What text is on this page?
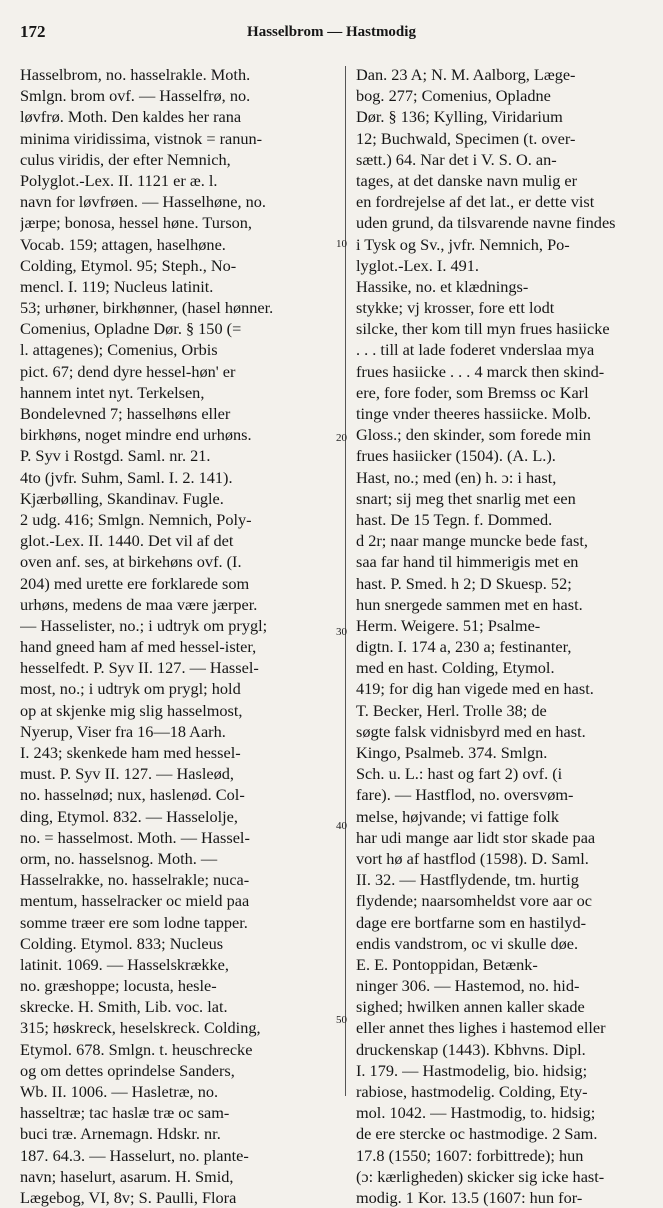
172	Hasselbrom — Hastmodig
Hasselbrom, no. hasselrakle. Moth.
Smlgn. brom ovf. — Hasselfrø, no.
løvfrø. Moth. Den kaldes her rana
minima viridissima, vistnok = ranun-
culus viridis, der efter Nemnich,
Polyglot.-Lex. II. 1121 er æ. l.
navn for løvfrøen. — Hasselhøne, no.
jærpe; bonosa, hessel høne. Turson,
Vocab. 159; attagen, haselhøne.
Colding, Etymol. 95; Steph., No-
mencl. I. 119; Nucleus latinit.
53; urhøner, birkhønner, (hasel hønner.
Comenius, Opladne Dør. § 150 (=
l. attagenes); Comenius, Orbis
pict. 67; dend dyre hessel-høn' er
hannem intet nyt. Terkelsen,
Bondelevned 7; hasselhøns eller
birkhøns, noget mindre end urhøns.
P. Syv i Rostgd. Saml. nr. 21.
4to (jvfr. Suhm, Saml. I. 2. 141).
Kjærbølling, Skandinav. Fugle.
2 udg. 416; Smlgn. Nemnich, Poly-
glot.-Lex. II. 1440. Det vil af det
oven anf. ses, at birkehøns ovf. (I.
204) med urette ere forklarede som
urhøns, medens de maa være jærper.
— Hasselister, no.; i udtryk om prygl;
hand gneed ham af med hessel-ister,
hesselfedt. P. Syv II. 127. — Hassel-
most, no.; i udtryk om prygl; hold
op at skjenke mig slig hasselmost,
Nyerup, Viser fra 16—18 Aarh.
I. 243; skenkede ham med hessel-
must. P. Syv II. 127. — Hasleød,
no. hasselnød; nux, haslenød. Col-
ding, Etymol. 832. — Hasselolje,
no. = hasselmost. Moth. — Hassel-
orm, no. hasselsnog. Moth. —
Hasselrakke, no. hasselrakle; nuca-
mentum, hasselracker oc mield paa
somme træer ere som lodne tapper.
Colding. Etymol. 833; Nucleus
latinit. 1069. — Hasselskrække,
no. græshoppe; locusta, hesle-
skrecke. H. Smith, Lib. voc. lat.
315; høskreck, heselskreck. Colding,
Etymol. 678. Smlgn. t. heuschrecke
og om dettes oprindelse Sanders,
Wb. II. 1006. — Hasletræ, no.
hasseltræ; tac haslæ træ oc sam-
buci træ. Arnemagn. Hdskr. nr.
187. 64.3. — Hasselurt, no. plante-
navn; haselurt, asarum. H. Smid,
Lægebog, VI, 8v; S. Paulli, Flora
Dan. 23 A; N. M. Aalborg, Læge-
bog. 277; Comenius, Opladne
Dør. § 136; Kylling, Viridarium
12; Buchwald, Specimen (t. over-
sætt.) 64. Nar det i V. S. O. an-
tages, at det danske navn mulig er
en fordrejelse af det lat., er dette vist
uden grund, da tilsvarende navne findes
i Tysk og Sv., jvfr. Nemnich, Po-
lyglot.-Lex. I. 491.
Hassike, no. et klædnings-
stykke; vj krosser, fore ett lodt
silcke, ther kom till myn frues hasiicke
. . . till at lade foderet vnderslaa mya
frues hasiicke . . . 4 marck then skind-
ere, fore foder, som Bremss oc Karl
tinge vnder theeres hassiicke. Molb.
Gloss.; den skinder, som forede min
frues hasiicker (1504). (A. L.).
Hast, no.; med (en) h. ɔ: i hast,
snart; sij meg thet snarlig met een
hast. De 15 Tegn. f. Dommed.
d 2r; naar mange muncke bede fast,
saa far hand til himmerigis met en
hast. P. Smed. h 2; D Skuesp. 52;
hun snergede sammen met en hast.
Herm. Weigere. 51; Psalme-
digtn. I. 174 a, 230 a; festinanter,
med en hast. Colding, Etymol.
419; for dig han vigede med en hast.
T. Becker, Herl. Trolle 38; de
søgte falsk vidnisbyrd med en hast.
Kingo, Psalmeb. 374. Smlgn.
Sch. u. L.: hast og fart 2) ovf. (i
fare). — Hastflod, no. oversvøm-
melse, højvande; vi fattige folk
har udi mange aar lidt stor skade paa
vort hø af hastflod (1598). D. Saml.
II. 32. — Hastflydende, tm. hurtig
flydende; naarsomheldst vore aar oc
dage ere bortfarne som en hastilyd-
endis vandstrom, oc vi skulle døe.
E. E. Pontoppidan, Betænk-
ninger 306. — Hastemod, no. hid-
sighed; hwilken annen kaller skade
eller annet thes lighes i hastemod eller
druckenskap (1443). Kbhvns. Dipl.
I. 179. — Hastmodelig, bio. hidsig;
rabiose, hastmodelig. Colding, Ety-
mol. 1042. — Hastmodig, to. hidsig;
de ere stercke oc hastmodige. 2 Sam.
17.8 (1550; 1607: forbittrede); hun
(ɔ: kærligheden) skicker sig icke hast-
modig. 1 Kor. 13.5 (1607: hun for-
10
20
30
40
50
